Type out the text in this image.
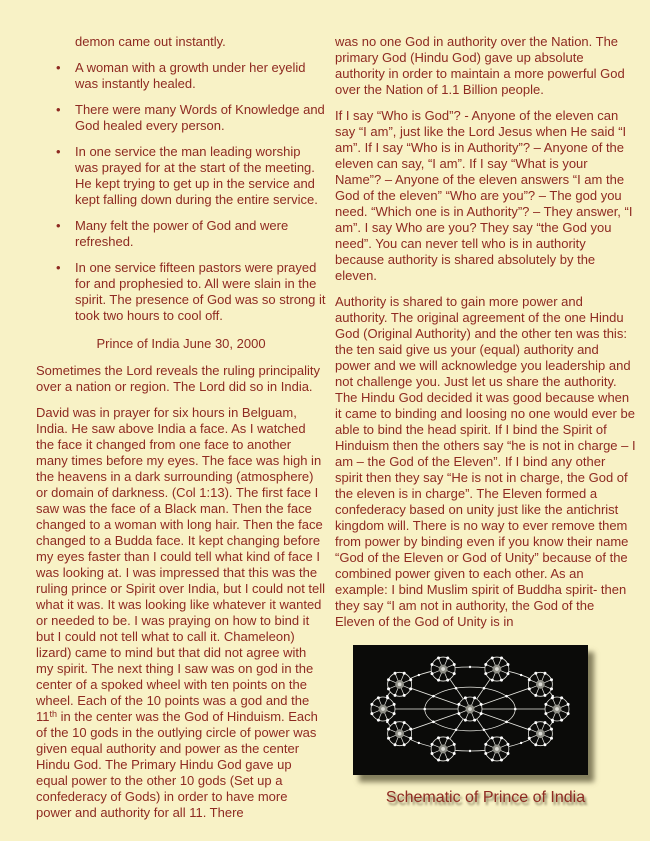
demon came out instantly.

• A woman with a growth under her eyelid was instantly healed.
• There were many Words of Knowledge and God healed every person.
• In one service the man leading worship was prayed for at the start of the meeting. He kept trying to get up in the service and kept falling down during the entire service.
• Many felt the power of God and were refreshed.
• In one service fifteen pastors were prayed for and prophesied to. All were slain in the spirit. The presence of God was so strong it took two hours to cool off.

Prince of India June 30, 2000

Sometimes the Lord reveals the ruling principality over a nation or region. The Lord did so in India.

David was in prayer for six hours in Belguam, India. He saw above India a face. As I watched the face it changed from one face to another many times before my eyes. The face was high in the heavens in a dark surrounding (atmosphere) or domain of darkness. (Col 1:13). The first face I saw was the face of a Black man. Then the face changed to a woman with long hair. Then the face changed to a Budda face. It kept changing before my eyes faster than I could tell what kind of face I was looking at. I was impressed that this was the ruling prince or Spirit over India, but I could not tell what it was. It was looking like whatever it wanted or needed to be. I was praying on how to bind it but I could not tell what to call it. Chameleon) lizard) came to mind but that did not agree with my spirit. The next thing I saw was on god in the center of a spoked wheel with ten points on the wheel. Each of the 10 points was a god and the 11th in the center was the God of Hinduism. Each of the 10 gods in the outlying circle of power was given equal authority and power as the center Hindu God. The Primary Hindu God gave up equal power to the other 10 gods (Set up a confederacy of Gods) in order to have more power and authority for all 11. There

was no one God in authority over the Nation. The primary God (Hindu God) gave up absolute authority in order to maintain a more powerful God over the Nation of 1.1 Billion people.

If I say “Who is God”? - Anyone of the eleven can say “I am”, just like the Lord Jesus when He said “I am”. If I say “Who is in Authority”? – Anyone of the eleven can say, “I am”. If I say “What is your Name”? – Anyone of the eleven answers “I am the God of the eleven” “Who are you”? – The god you need. “Which one is in Authority”? – They answer, “I am”. I say Who are you? They say “the God you need”. You can never tell who is in authority because authority is shared absolutely by the eleven.

Authority is shared to gain more power and authority. The original agreement of the one Hindu God (Original Authority) and the other ten was this: the ten said give us your (equal) authority and power and we will acknowledge you leadership and not challenge you. Just let us share the authority. The Hindu God decided it was good because when it came to binding and loosing no one would ever be able to bind the head spirit. If I bind the Spirit of Hinduism then the others say “he is not in charge – I am – the God of the Eleven”. If I bind any other spirit then they say “He is not in charge, the God of the eleven is in charge”. The Eleven formed a confederacy based on unity just like the antichrist kingdom will. There is no way to ever remove them from power by binding even if you know their name “God of the Eleven or God of Unity” because of the combined power given to each other. As an example: I bind Muslim spirit of Buddha spirit- then they say “I am not in authority, the God of the Eleven of the God of Unity is in

Schematic of Prince of India
